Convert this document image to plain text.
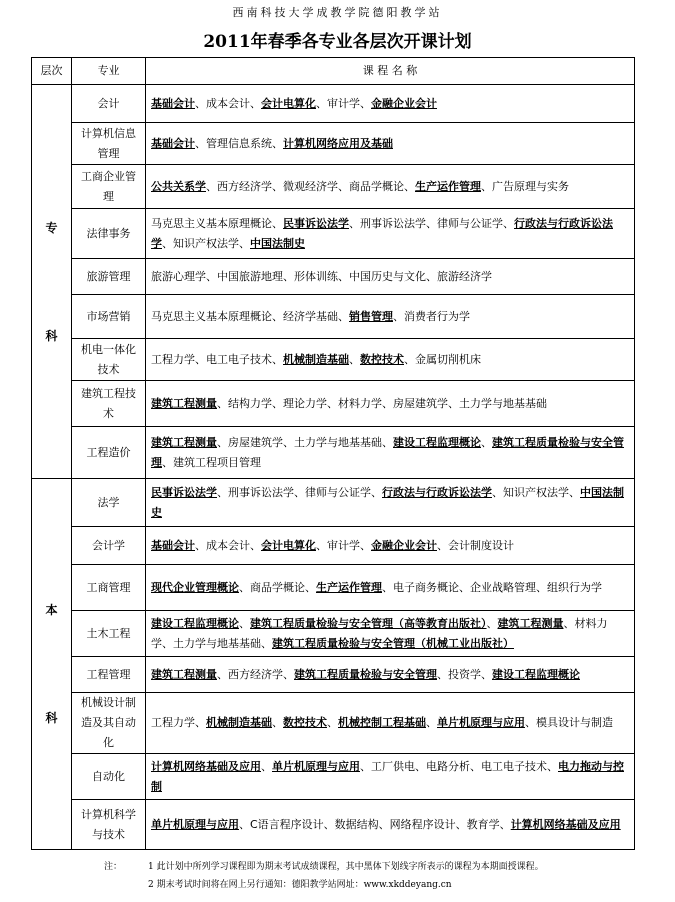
西南科技大学成教学院德阳教学站
2011年春季各专业各层次开课计划
层次	专业	课 程 名 称

专
科	会计	基础会计、成本会计、会计电算化、审计学、金融企业会计
	计算机信息管理	基础会计、管理信息系统、计算机网络应用及基础
	工商企业管理	公共关系学、西方经济学、微观经济学、商品学概论、生产运作管理、广告原理与实务
	法律事务	马克思主义基本原理概论、民事诉讼法学、刑事诉讼法学、律师与公证学、行政法与行政诉讼法学、知识产权法学、中国法制史
	旅游管理	旅游心理学、中国旅游地理、形体训练、中国历史与文化、旅游经济学
	市场营销	马克思主义基本原理概论、经济学基础、销售管理、消费者行为学
	机电一体化技术	工程力学、电工电子技术、机械制造基础、数控技术、金属切削机床
	建筑工程技术	建筑工程测量、结构力学、理论力学、材料力学、房屋建筑学、土力学与地基基础
	工程造价	建筑工程测量、房屋建筑学、土力学与地基基础、建设工程监理概论、建筑工程质量检验与安全管理、建筑工程项目管理

本
科	法学	民事诉讼法学、刑事诉讼法学、律师与公证学、行政法与行政诉讼法学、知识产权法学、中国法制史
	会计学	基础会计、成本会计、会计电算化、审计学、金融企业会计、会计制度设计
	工商管理	现代企业管理概论、商品学概论、生产运作管理、电子商务概论、企业战略管理、组织行为学
	土木工程	建设工程监理概论、建筑工程质量检验与安全管理（高等教育出版社）、建筑工程测量、材料力学、土力学与地基基础、建筑工程质量检验与安全管理（机械工业出版社）
	工程管理	建筑工程测量、西方经济学、建筑工程质量检验与安全管理、投资学、建设工程监理概论
	机械设计制造及其自动化	工程力学、机械制造基础、数控技术、机械控制工程基础、单片机原理与应用、模具设计与制造
	自动化	计算机网络基础及应用、单片机原理与应用、工厂供电、电路分析、电工电子技术、电力拖动与控制
	计算机科学与技术	单片机原理与应用、C语言程序设计、数据结构、网络程序设计、教育学、计算机网络基础及应用
注：	1 此计划中所列学习课程即为期末考试成绩课程，其中黑体下划线字所表示的课程为本期面授课程。
2 期末考试时间将在网上另行通知：德阳教学站网址：www.xkddeyang.cn
